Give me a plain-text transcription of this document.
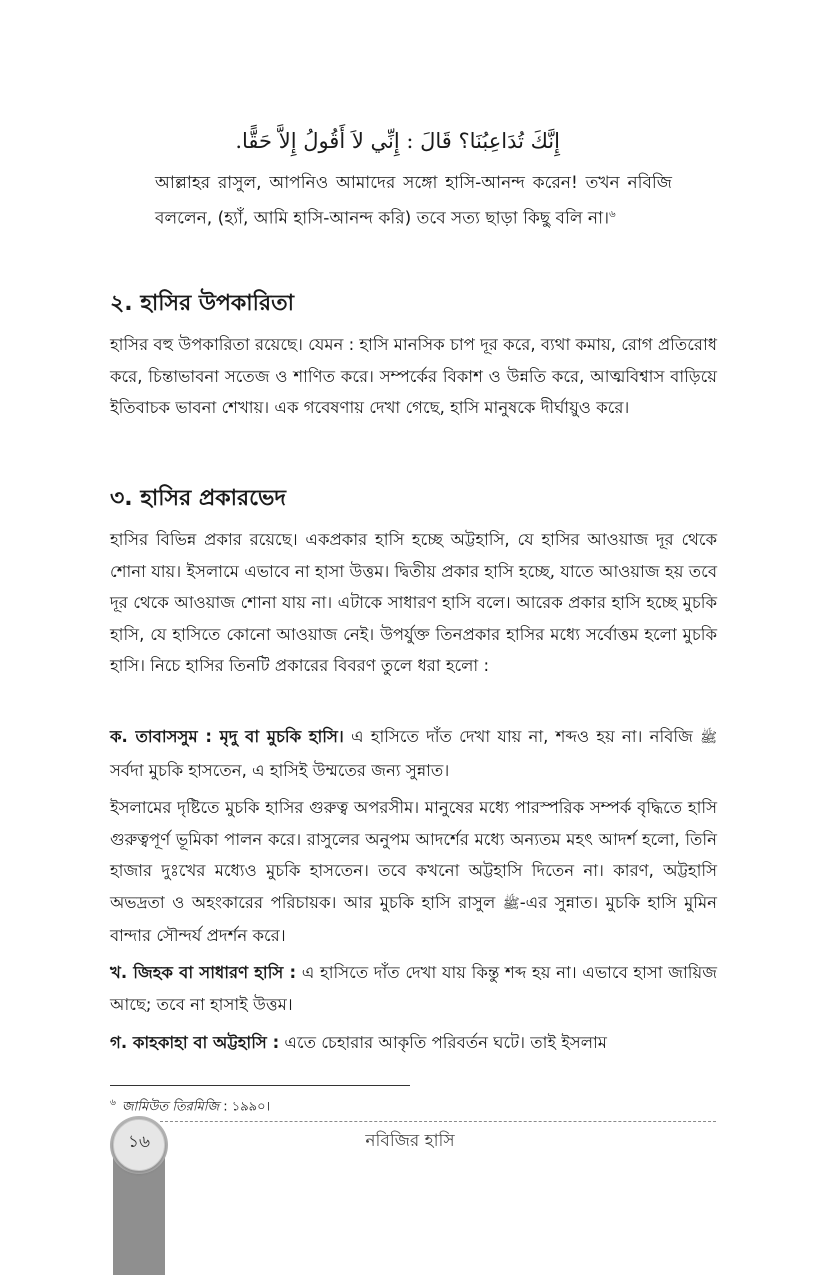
إِنَّكَ تُدَاعِبُنَا؟ قَالَ : إِنِّي لاَ أَقُولُ إِلاَّ حَقًّا.
আল্লাহর রাসুল, আপনিও আমাদের সঙ্গো হাসি-আনন্দ করেন! তখন নবিজি বললেন, (হ্যাঁ, আমি হাসি-আনন্দ করি) তবে সত্য ছাড়া কিছু বলি না।$^৬$
২. হাসির উপকারিতা

হাসির বহু উপকারিতা রয়েছে। যেমন : হাসি মানসিক চাপ দূর করে, ব্যথা কমায়, রোগ প্রতিরোধ করে, চিন্তাভাবনা সতেজ ও শাণিত করে। সম্পর্কের বিকাশ ও উন্নতি করে, আত্মবিশ্বাস বাড়িয়ে ইতিবাচক ভাবনা শেখায়। এক গবেষণায় দেখা গেছে, হাসি মানুষকে দীর্ঘায়ুও করে।

৩. হাসির প্রকারভেদ

হাসির বিভিন্ন প্রকার রয়েছে। একপ্রকার হাসি হচ্ছে অট্টহাসি, যে হাসির আওয়াজ দূর থেকে শোনা যায়। ইসলামে এভাবে না হাসা উত্তম। দ্বিতীয় প্রকার হাসি হচ্ছে, যাতে আওয়াজ হয় তবে দূর থেকে আওয়াজ শোনা যায় না। এটাকে সাধারণ হাসি বলে। আরেক প্রকার হাসি হচ্ছে মুচকি হাসি, যে হাসিতে কোনো আওয়াজ নেই। উপর্যুক্ত তিনপ্রকার হাসির মধ্যে সর্বোত্তম হলো মুচকি হাসি। নিচে হাসির তিনটি প্রকারের বিবরণ তুলে ধরা হলো :

ক. তাবাসসুম : মৃদু বা মুচকি হাসি। এ হাসিতে দাঁত দেখা যায় না, শব্দও হয় না। নবিজি ﷺ সর্বদা মুচকি হাসতেন, এ হাসিই উম্মতের জন্য সুন্নাত।

ইসলামের দৃষ্টিতে মুচকি হাসির গুরুত্ব অপরসীম। মানুষের মধ্যে পারস্পরিক সম্পর্ক বৃদ্ধিতে হাসি গুরুত্বপূর্ণ ভূমিকা পালন করে। রাসুলের অনুপম আদর্শের মধ্যে অন্যতম মহৎ আদর্শ হলো, তিনি হাজার দুঃখের মধ্যেও মুচকি হাসতেন। তবে কখনো অট্টহাসি দিতেন না। কারণ, অট্টহাসি অভদ্রতা ও অহংকারের পরিচায়ক। আর মুচকি হাসি রাসুল ﷺ-এর সুন্নাত। মুচকি হাসি মুমিন বান্দার সৌন্দর্য প্রদর্শন করে।

খ. জিহক বা সাধারণ হাসি : এ হাসিতে দাঁত দেখা যায় কিন্তু শব্দ হয় না। এভাবে হাসা জায়িজ আছে; তবে না হাসাই উত্তম।

গ. কাহকাহা বা অট্টহাসি : এতে চেহারার আকৃতি পরিবর্তন ঘটে। তাই ইসলাম

$^৬$ জামিউত তিরমিজি : ১৯৯০।
১৬	নবিজির হাসি
